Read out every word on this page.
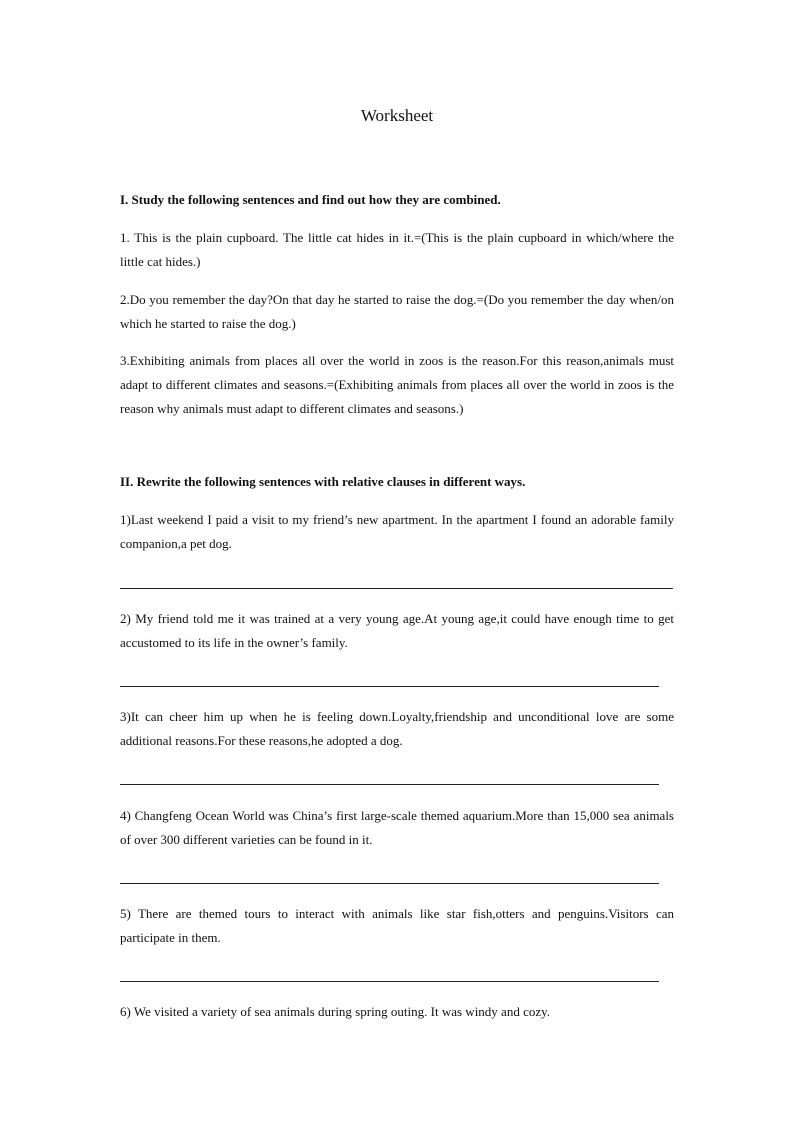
Worksheet
I. Study the following sentences and find out how they are combined.
1. This is the plain cupboard. The little cat hides in it.=(This is the plain cupboard in which/where the little cat hides.)
2.Do you remember the day?On that day he started to raise the dog.=(Do you remember the day when/on which he started to raise the dog.)
3.Exhibiting animals from places all over the world in zoos is the reason.For this reason,animals must adapt to different climates and seasons.=(Exhibiting animals from places all over the world in zoos is the reason why animals must adapt to different climates and seasons.)
II. Rewrite the following sentences with relative clauses in different ways.
1)Last weekend I paid a visit to my friend’s new apartment. In the apartment I found an adorable family companion,a pet dog.
2) My friend told me it was trained at a very young age.At young age,it could have enough time to get accustomed to its life in the owner’s family.
3)It can cheer him up when he is feeling down.Loyalty,friendship and unconditional love are some additional reasons.For these reasons,he adopted a dog.
4) Changfeng Ocean World was China’s first large-scale themed aquarium.More than 15,000 sea animals of over 300 different varieties can be found in it.
5) There are themed tours to interact with animals like star fish,otters and penguins.Visitors can participate in them.
6) We visited a variety of sea animals during spring outing. It was windy and cozy.
